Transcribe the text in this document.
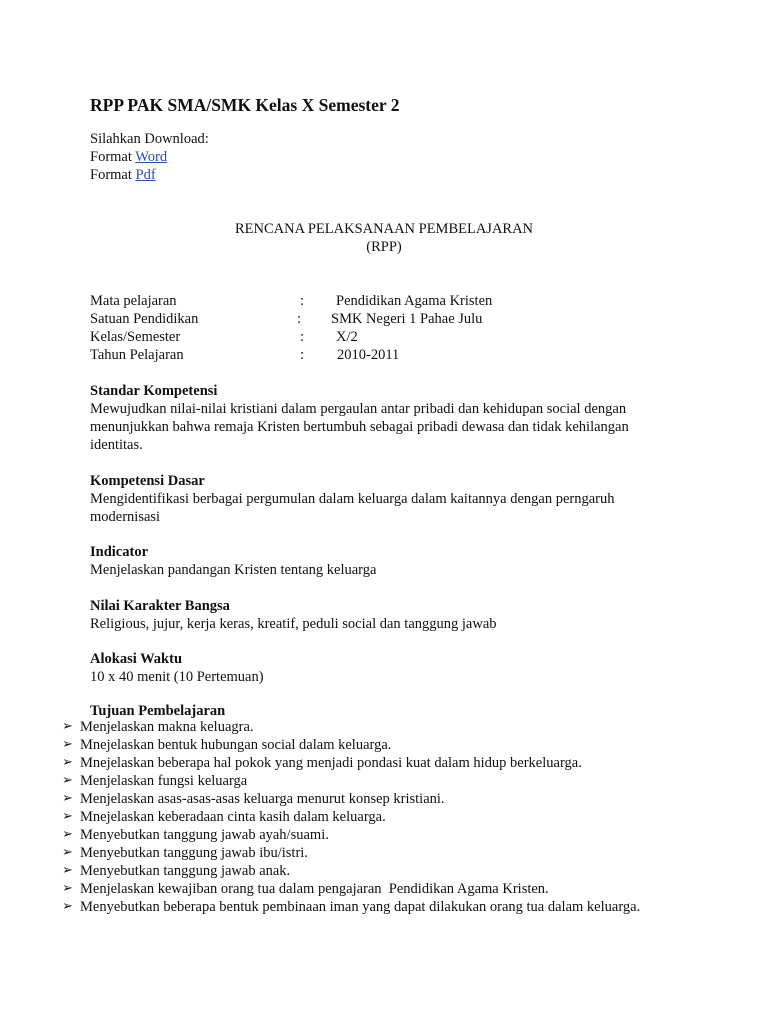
RPP PAK SMA/SMK Kelas X Semester 2
Silahkan Download:
Format Word
Format Pdf
RENCANA PELAKSANAAN PEMBELAJARAN
(RPP)
Mata pelajaran	: Pendidikan Agama Kristen
Satuan Pendidikan	: SMK Negeri 1 Pahae Julu
Kelas/Semester	: X/2
Tahun Pelajaran	: 2010-2011
Standar Kompetensi
Mewujudkan nilai-nilai kristiani dalam pergaulan antar pribadi dan kehidupan social dengan menunjukkan bahwa remaja Kristen bertumbuh sebagai pribadi dewasa dan tidak kehilangan identitas.
Kompetensi Dasar
Mengidentifikasi berbagai pergumulan dalam keluarga dalam kaitannya dengan perngaruh modernisasi
Indicator
Menjelaskan pandangan Kristen tentang keluarga
Nilai Karakter Bangsa
Religious, jujur, kerja keras, kreatif, peduli social dan tanggung jawab
Alokasi Waktu
10 x 40 menit (10 Pertemuan)
Tujuan Pembelajaran
➢ Menjelaskan makna keluagra.
➢ Mnejelaskan bentuk hubungan social dalam keluarga.
➢ Mnejelaskan beberapa hal pokok yang menjadi pondasi kuat dalam hidup berkeluarga.
➢ Menjelaskan fungsi keluarga
➢ Menjelaskan asas-asas-asas keluarga menurut konsep kristiani.
➢ Mnejelaskan keberadaan cinta kasih dalam keluarga.
➢ Menyebutkan tanggung jawab ayah/suami.
➢ Menyebutkan tanggung jawab ibu/istri.
➢ Menyebutkan tanggung jawab anak.
➢ Menjelaskan kewajiban orang tua dalam pengajaran  Pendidikan Agama Kristen.
➢ Menyebutkan beberapa bentuk pembinaan iman yang dapat dilakukan orang tua dalam keluarga.
